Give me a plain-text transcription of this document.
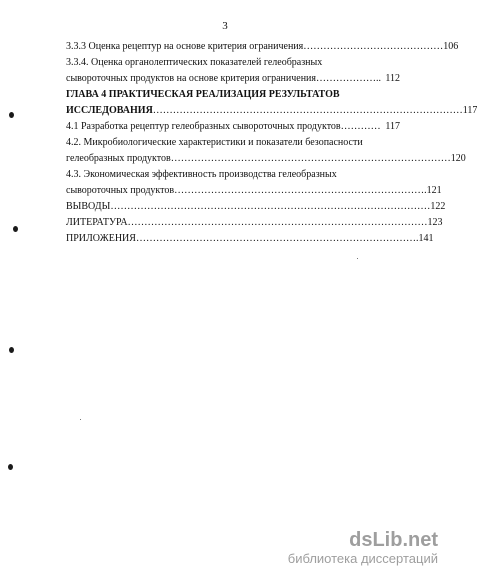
3
3.3.3 Оценка рецептур на основе критерия ограничения …………………………………… 106
3.3.4. Оценка органолептических показателей гелеобразных
сывороточных продуктов на основе критерия ограничения ……………….. 112
ГЛАВА 4 ПРАКТИЧЕСКАЯ РЕАЛИЗАЦИЯ РЕЗУЛЬТАТОВ
ИССЛЕДОВАНИЯ ………………………………………………………………………………… 117
4.1 Разработка рецептур гелеобразных сывороточных продуктов ………… 117
4.2. Микробиологические характеристики и показатели безопасности
гелеобразных продуктов ………………………………………………………………………… 120
4.3. Экономическая эффективность производства гелеобразных
сывороточных продуктов …………………………………………………………………. 121
ВЫВОДЫ …………………………………………………………………………………… 122
ЛИТЕРАТУРА ……………………………………………………………………………… 123
ПРИЛОЖЕНИЯ …………………………………………………………………………. 141
dsLib.net
библиотека диссертаций
